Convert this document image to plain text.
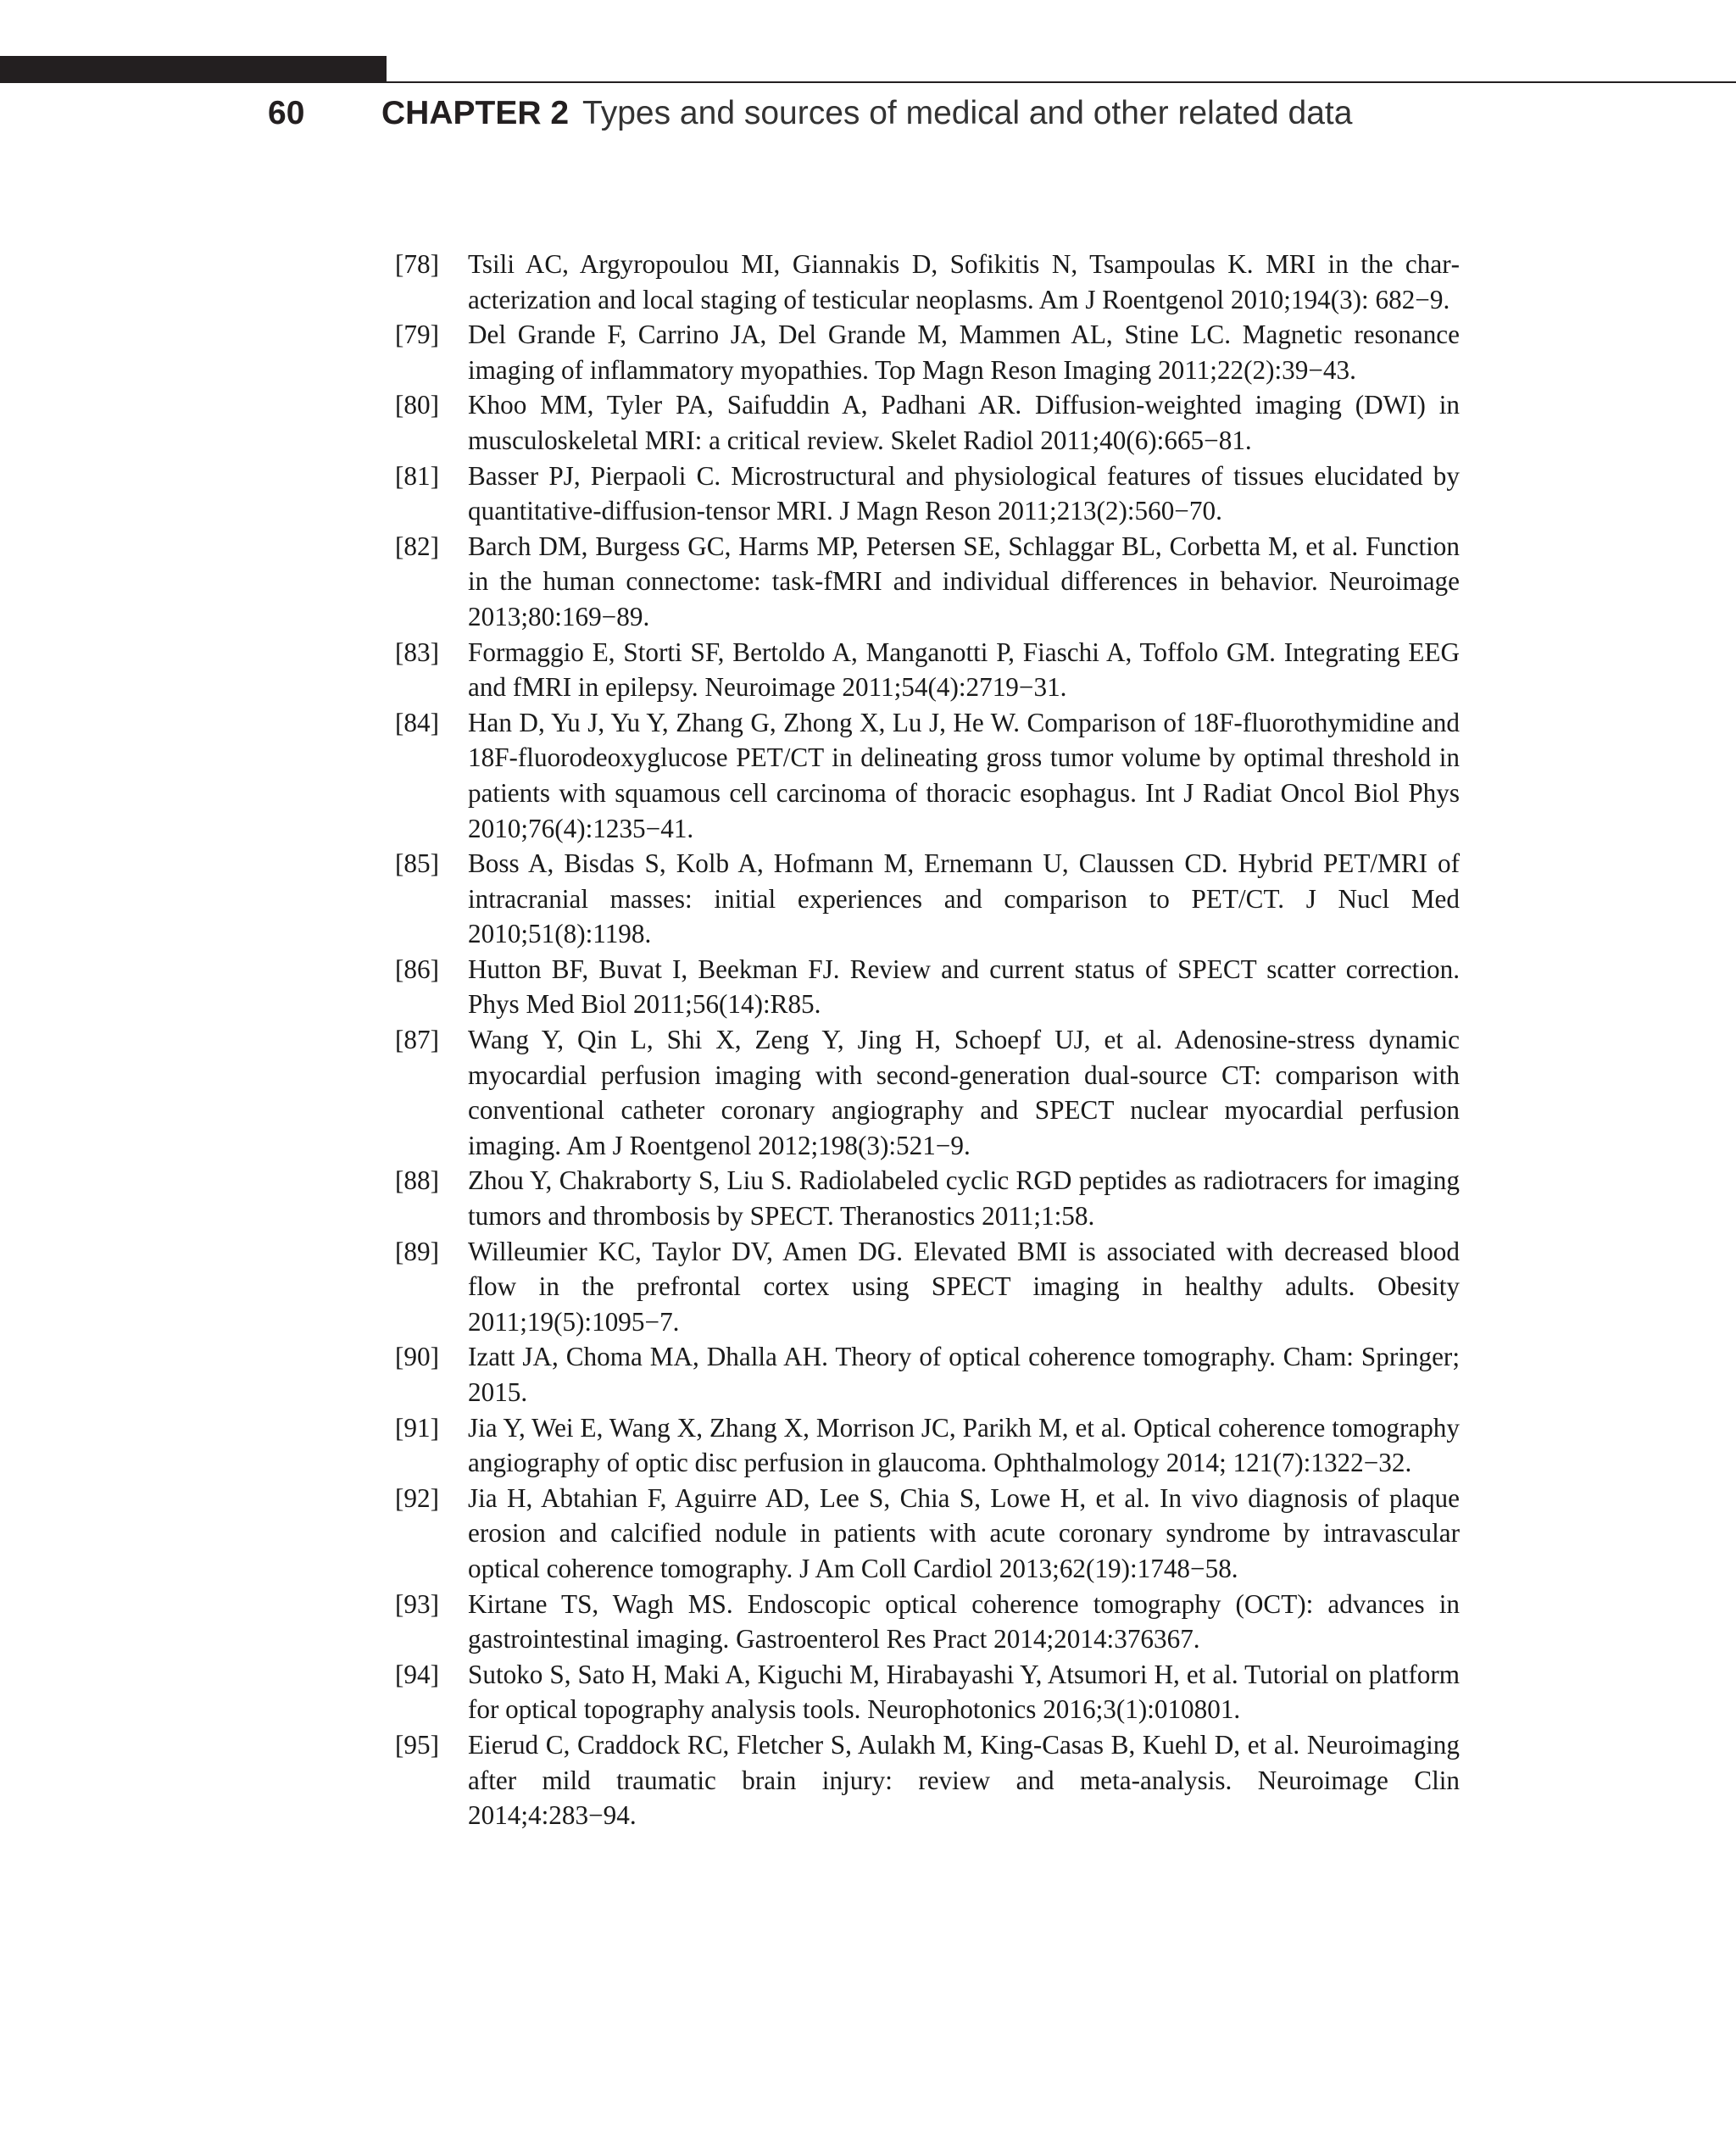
60	CHAPTER 2 Types and sources of medical and other related data
[78] Tsili AC, Argyropoulou MI, Giannakis D, Sofikitis N, Tsampoulas K. MRI in the characterization and local staging of testicular neoplasms. Am J Roentgenol 2010;194(3): 682−9.
[79] Del Grande F, Carrino JA, Del Grande M, Mammen AL, Stine LC. Magnetic resonance imaging of inflammatory myopathies. Top Magn Reson Imaging 2011;22(2):39−43.
[80] Khoo MM, Tyler PA, Saifuddin A, Padhani AR. Diffusion-weighted imaging (DWI) in musculoskeletal MRI: a critical review. Skelet Radiol 2011;40(6):665−81.
[81] Basser PJ, Pierpaoli C. Microstructural and physiological features of tissues elucidated by quantitative-diffusion-tensor MRI. J Magn Reson 2011;213(2):560−70.
[82] Barch DM, Burgess GC, Harms MP, Petersen SE, Schlaggar BL, Corbetta M, et al. Function in the human connectome: task-fMRI and individual differences in behavior. Neuroimage 2013;80:169−89.
[83] Formaggio E, Storti SF, Bertoldo A, Manganotti P, Fiaschi A, Toffolo GM. Integrating EEG and fMRI in epilepsy. Neuroimage 2011;54(4):2719−31.
[84] Han D, Yu J, Yu Y, Zhang G, Zhong X, Lu J, He W. Comparison of 18F-fluorothymidine and 18F-fluorodeoxyglucose PET/CT in delineating gross tumor volume by optimal threshold in patients with squamous cell carcinoma of thoracic esophagus. Int J Radiat Oncol Biol Phys 2010;76(4):1235−41.
[85] Boss A, Bisdas S, Kolb A, Hofmann M, Ernemann U, Claussen CD. Hybrid PET/MRI of intracranial masses: initial experiences and comparison to PET/CT. J Nucl Med 2010;51(8):1198.
[86] Hutton BF, Buvat I, Beekman FJ. Review and current status of SPECT scatter correction. Phys Med Biol 2011;56(14):R85.
[87] Wang Y, Qin L, Shi X, Zeng Y, Jing H, Schoepf UJ, et al. Adenosine-stress dynamic myocardial perfusion imaging with second-generation dual-source CT: comparison with conventional catheter coronary angiography and SPECT nuclear myocardial perfusion imaging. Am J Roentgenol 2012;198(3):521−9.
[88] Zhou Y, Chakraborty S, Liu S. Radiolabeled cyclic RGD peptides as radiotracers for imaging tumors and thrombosis by SPECT. Theranostics 2011;1:58.
[89] Willeumier KC, Taylor DV, Amen DG. Elevated BMI is associated with decreased blood flow in the prefrontal cortex using SPECT imaging in healthy adults. Obesity 2011;19(5):1095−7.
[90] Izatt JA, Choma MA, Dhalla AH. Theory of optical coherence tomography. Cham: Springer; 2015.
[91] Jia Y, Wei E, Wang X, Zhang X, Morrison JC, Parikh M, et al. Optical coherence tomography angiography of optic disc perfusion in glaucoma. Ophthalmology 2014; 121(7):1322−32.
[92] Jia H, Abtahian F, Aguirre AD, Lee S, Chia S, Lowe H, et al. In vivo diagnosis of plaque erosion and calcified nodule in patients with acute coronary syndrome by intravascular optical coherence tomography. J Am Coll Cardiol 2013;62(19):1748−58.
[93] Kirtane TS, Wagh MS. Endoscopic optical coherence tomography (OCT): advances in gastrointestinal imaging. Gastroenterol Res Pract 2014;2014:376367.
[94] Sutoko S, Sato H, Maki A, Kiguchi M, Hirabayashi Y, Atsumori H, et al. Tutorial on platform for optical topography analysis tools. Neurophotonics 2016;3(1):010801.
[95] Eierud C, Craddock RC, Fletcher S, Aulakh M, King-Casas B, Kuehl D, et al. Neuroimaging after mild traumatic brain injury: review and meta-analysis. Neuroimage Clin 2014;4:283−94.
